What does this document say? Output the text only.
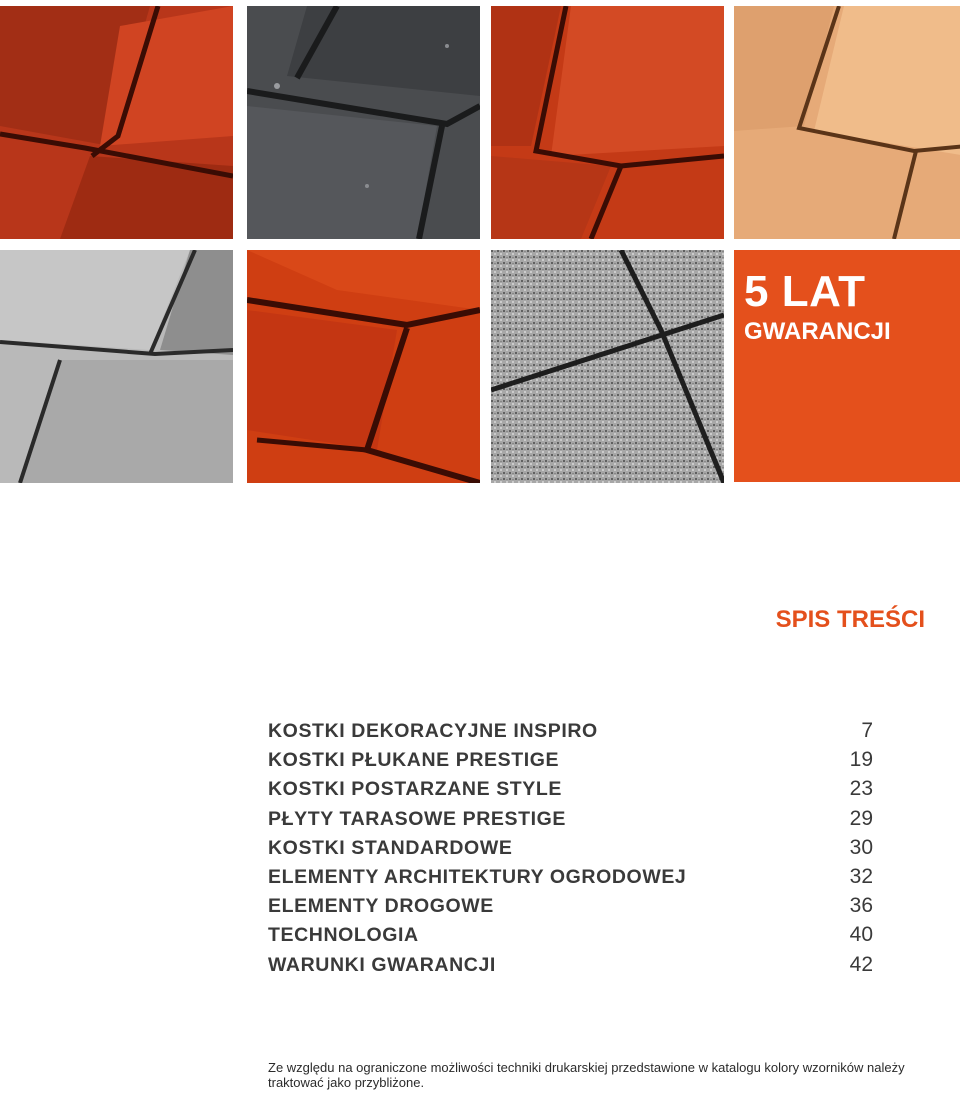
5 LAT
GWARANCJI
SPIS TREŚCI
KOSTKI DEKORACYJNE INSPIRO	7
KOSTKI PŁUKANE PRESTIGE	19
KOSTKI POSTARZANE STYLE	23
PŁYTY TARASOWE PRESTIGE	29
KOSTKI STANDARDOWE	30
ELEMENTY ARCHITEKTURY OGRODOWEJ	32
ELEMENTY DROGOWE	36
TECHNOLOGIA	40
WARUNKI GWARANCJI	42
Ze względu na ograniczone możliwości techniki drukarskiej przedstawione w katalogu kolory wzorników należy traktować jako przybliżone.
